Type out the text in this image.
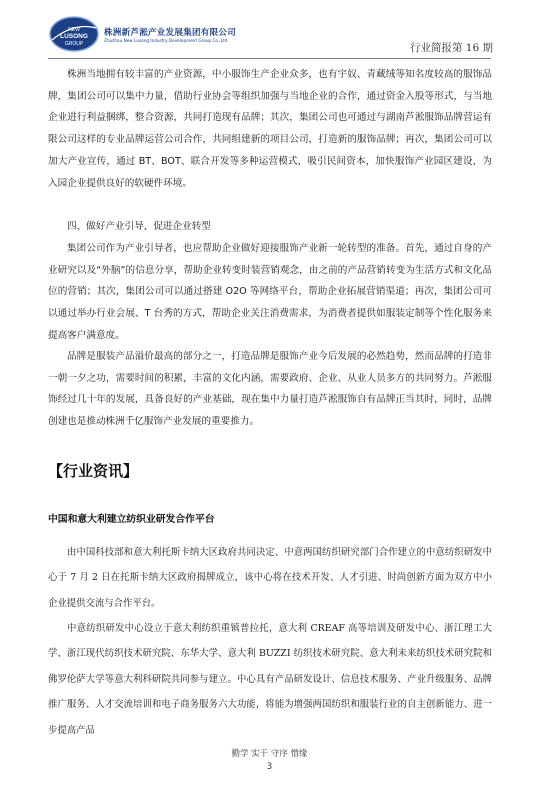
NEW
LUSONG
GROUP
株洲新芦淞产业发展集团有限公司
Zhuzhou New Lusong Industry Development Group Co.,Ltd
行业简报第 16 期

株洲当地拥有较丰富的产业资源，中小服饰生产企业众多，也有宇奴、青藏绒等知名度较高的服饰品牌，集团公司可以集中力量，借助行业协会等组织加强与当地企业的合作，通过资金入股等形式，与当地企业进行利益捆绑，整合资源，共同打造现有品牌；其次，集团公司也可通过与湖南芦淞服饰品牌营运有限公司这样的专业品牌运营公司合作，共同组建新的项目公司，打造新的服饰品牌；再次，集团公司可以加大产业宣传，通过 BT、BOT、联合开发等多种运营模式，吸引民间资本，加快服饰产业园区建设，为入园企业提供良好的软硬件环境。

四、做好产业引导，促进企业转型

集团公司作为产业引导者，也应帮助企业做好迎接服饰产业新一轮转型的准备。首先，通过自身的产业研究以及“外脑”的信息分享，帮助企业转变时装营销观念，由之前的产品营销转变为生活方式和文化品位的营销；其次，集团公司可以通过搭建 O2O 等网络平台，帮助企业拓展营销渠道；再次，集团公司可以通过举办行业会展、T 台秀的方式，帮助企业关注消费需求，为消费者提供如服装定制等个性化服务来提高客户满意度。

品牌是服装产品溢价最高的部分之一，打造品牌是服饰产业今后发展的必然趋势，然而品牌的打造非一朝一夕之功，需要时间的积累，丰富的文化内涵，需要政府、企业、从业人员多方的共同努力。芦淞服饰经过几十年的发展，具备良好的产业基础，现在集中力量打造芦淞服饰自有品牌正当其时，同时，品牌创建也是推动株洲千亿服饰产业发展的重要推力。

【行业资讯】
中国和意大利建立纺织业研发合作平台

由中国科技部和意大利托斯卡纳大区政府共同决定、中意两国纺织研究部门合作建立的中意纺织研发中心于 7 月 2 日在托斯卡纳大区政府揭牌成立，该中心将在技术开发、人才引进、时尚创新方面为双方中小企业提供交流与合作平台。

中意纺织研发中心设立于意大利纺织重镇普拉托，意大利 CREAF 高等培训及研发中心、浙江理工大学、浙江现代纺织技术研究院、东华大学、意大利 BUZZI 纺织技术研究院、意大利未来纺织技术研究院和佛罗伦萨大学等意大利科研院共同参与建立。中心具有产品研发设计、信息技术服务、产业升级服务、品牌推广服务、人才交流培训和电子商务服务六大功能，将能为增强两国纺织和服装行业的自主创新能力、进一步提高产品

勤学 实干 守序 惜缘
3
